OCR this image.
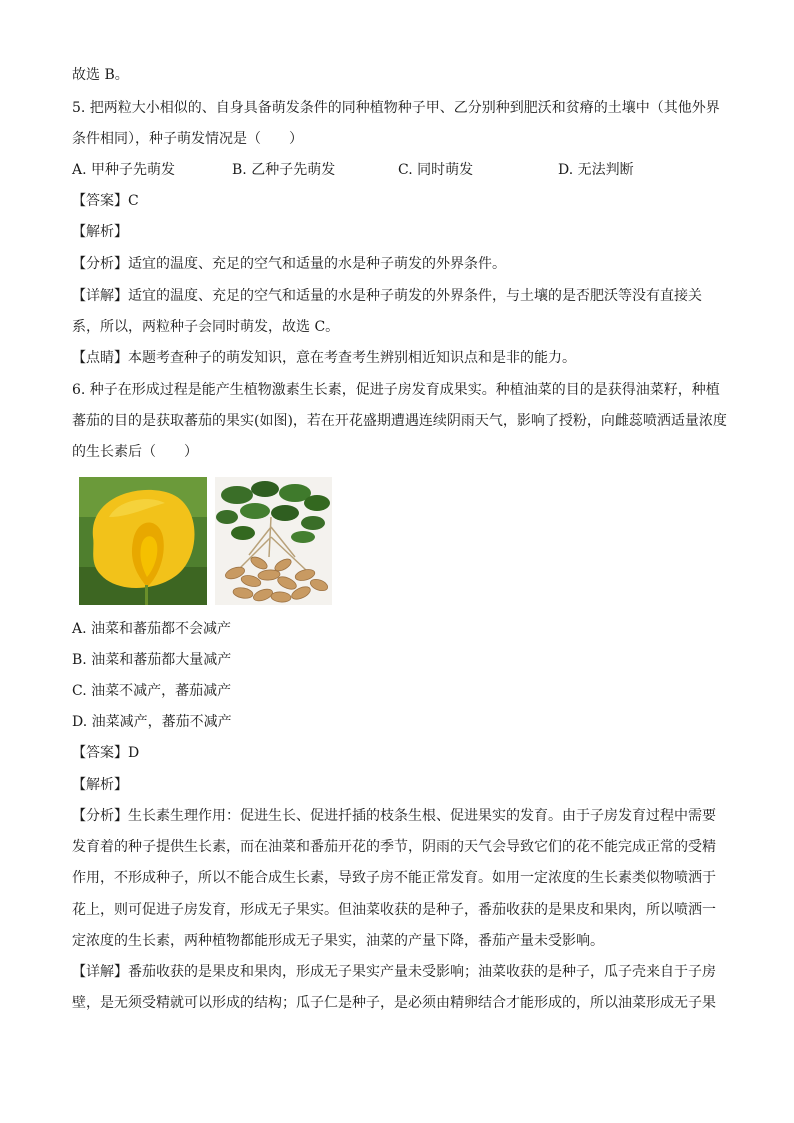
故选 B。
5. 把两粒大小相似的、自身具备萌发条件的同种植物种子甲、乙分别种到肥沃和贫瘠的土壤中（其他外界
条件相同），种子萌发情况是（　　）
A. 甲种子先萌发	B. 乙种子先萌发	C. 同时萌发	D. 无法判断
【答案】C
【解析】
【分析】适宜的温度、充足的空气和适量的水是种子萌发的外界条件。
【详解】适宜的温度、充足的空气和适量的水是种子萌发的外界条件，与土壤的是否肥沃等没有直接关
系，所以，两粒种子会同时萌发，故选 C。
【点睛】本题考查种子的萌发知识，意在考查考生辨别相近知识点和是非的能力。
6. 种子在形成过程是能产生植物激素生长素，促进子房发育成果实。种植油菜的目的是获得油菜籽，种植
蕃茄的目的是获取蕃茄的果实(如图)，若在开花盛期遭遇连续阴雨天气，影响了授粉，向雌蕊喷洒适量浓度
的生长素后（　　）
A. 油菜和蕃茄都不会减产
B. 油菜和蕃茄都大量减产
C. 油菜不减产，蕃茄减产
D. 油菜减产，蕃茄不减产
【答案】D
【解析】
【分析】生长素生理作用：促进生长、促进扦插的枝条生根、促进果实的发育。由于子房发育过程中需要
发育着的种子提供生长素，而在油菜和番茄开花的季节，阴雨的天气会导致它们的花不能完成正常的受精
作用，不形成种子，所以不能合成生长素，导致子房不能正常发育。如用一定浓度的生长素类似物喷洒于
花上，则可促进子房发育，形成无子果实。但油菜收获的是种子，番茄收获的是果皮和果肉，所以喷洒一
定浓度的生长素，两种植物都能形成无子果实，油菜的产量下降，番茄产量未受影响。
【详解】番茄收获的是果皮和果肉，形成无子果实产量未受影响；油菜收获的是种子，瓜子壳来自于子房
壁，是无须受精就可以形成的结构；瓜子仁是种子，是必须由精卵结合才能形成的，所以油菜形成无子果
